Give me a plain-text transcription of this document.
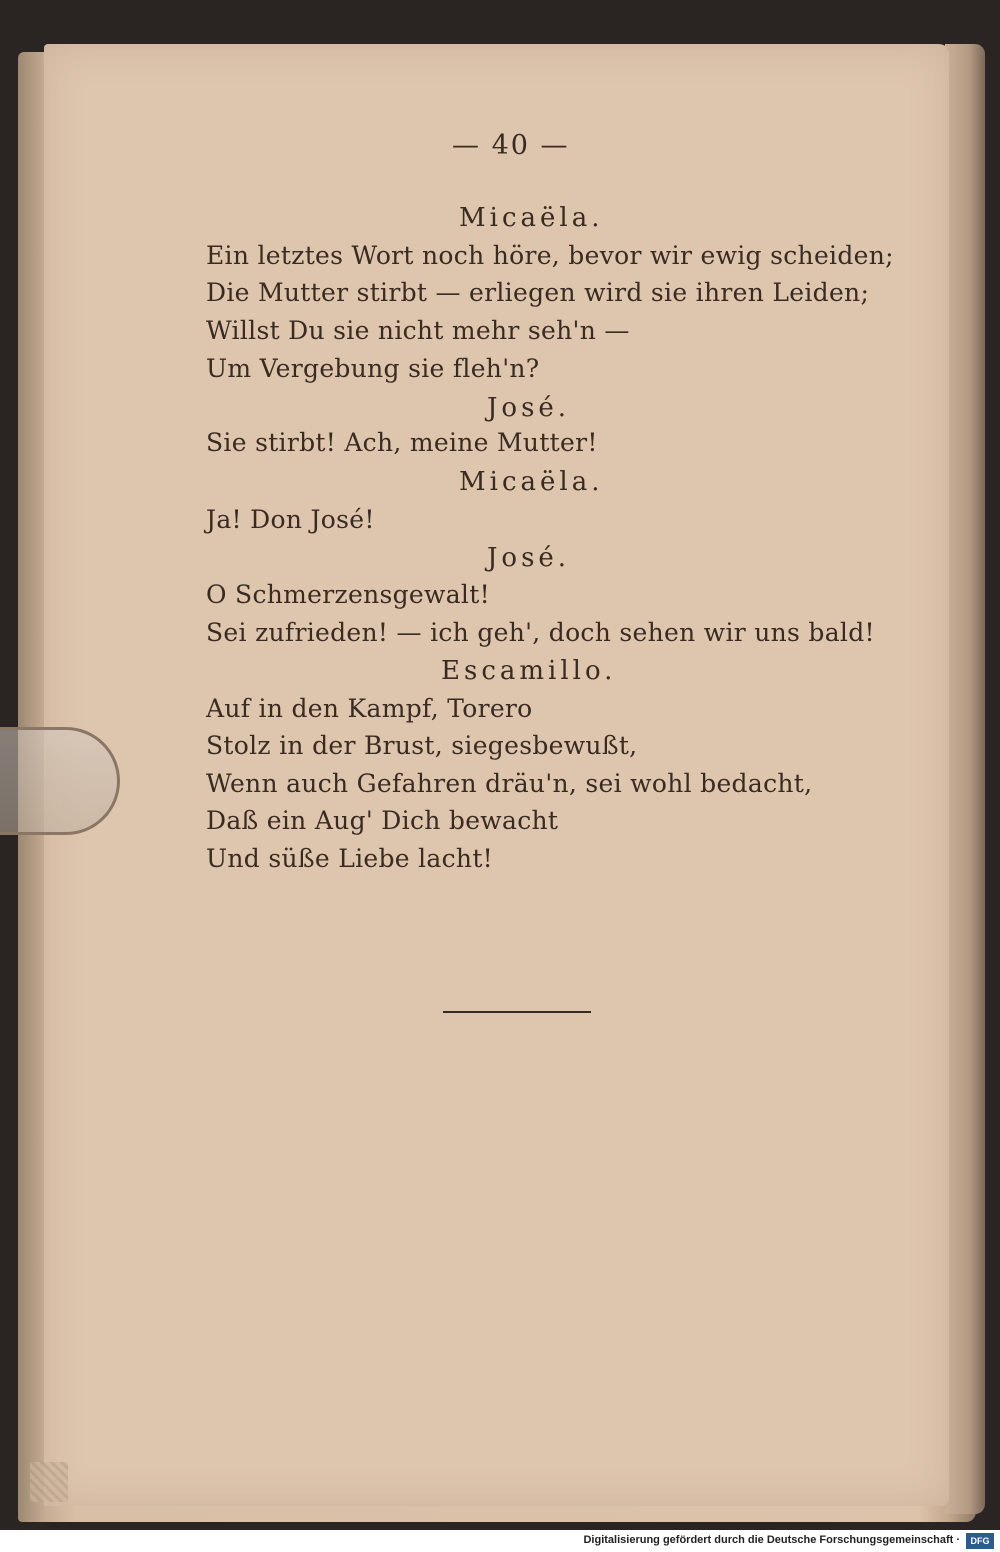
— 40 —
Micaëla.
Ein letztes Wort noch höre, bevor wir ewig scheiden;
Die Mutter stirbt — erliegen wird sie ihren Leiden;
Willst Du sie nicht mehr seh'n —
Um Vergebung sie fleh'n?
José.
Sie stirbt! Ach, meine Mutter!
Micaëla.
Ja! Don José!
José.
O Schmerzensgewalt!
Sei zufrieden! — ich geh', doch sehen wir uns bald!
Escamillo.
Auf in den Kampf, Torero
Stolz in der Brust, siegesbewußt,
Wenn auch Gefahren dräu'n, sei wohl bedacht,
Daß ein Aug' Dich bewacht
Und süße Liebe lacht!
Digitalisierung gefördert durch die Deutsche Forschungsgemeinschaft ·	DFG
